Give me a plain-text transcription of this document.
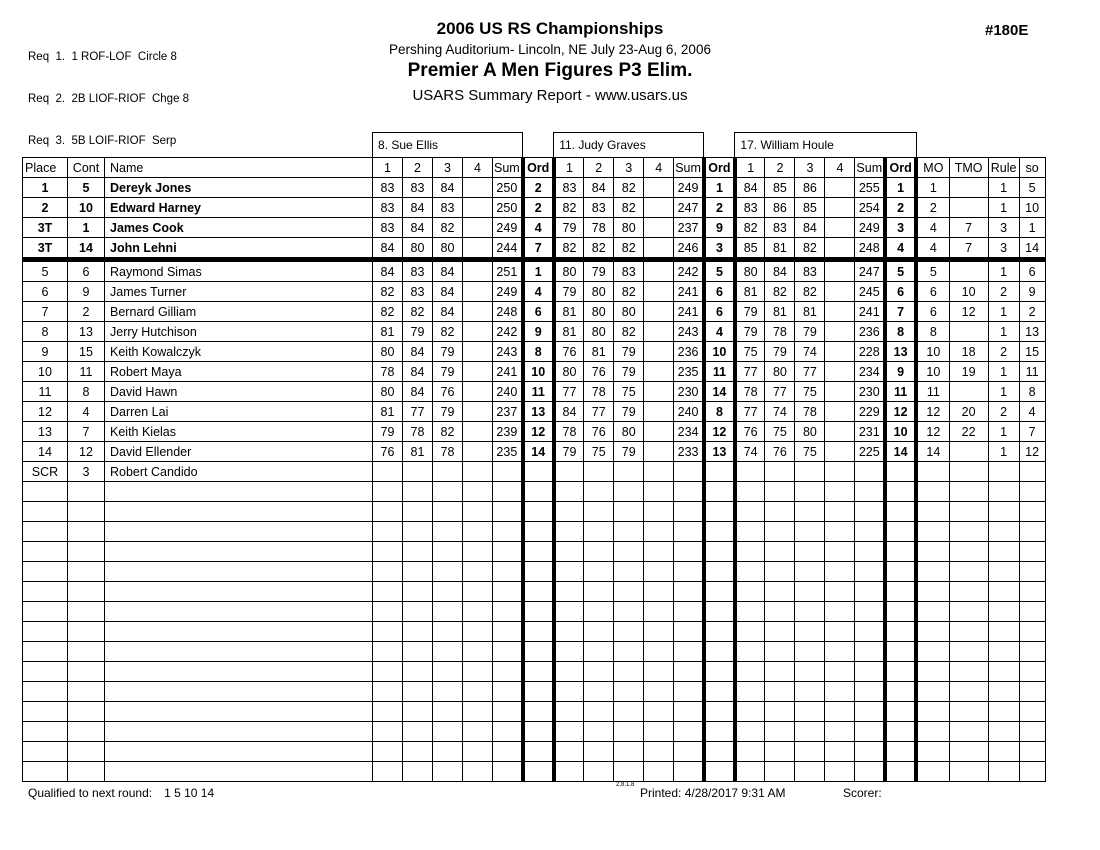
Req  1.  1 ROF-LOF  Circle 8

Req  2.  2B LIOF-RIOF  Chge 8

Req  3.  5B LOIF-RIOF  Serp

2006 US RS Championships
Pershing Auditorium- Lincoln, NE July 23-Aug 6, 2006
Premier A Men Figures P3 Elim.
USARS Summary Report - www.usars.us
#180E
			8. Sue Ellis						11. Judy Graves						17. William Houle									
Place	Cont	Name	1	2	3	4	Sum	Ord	1	2	3	4	Sum	Ord	1	2	3	4	Sum	Ord	MO	TMO	Rule	so
1	5	Dereyk Jones	83	83	84		250	2	83	84	82		249	1	84	85	86		255	1	1		1	5
2	10	Edward Harney	83	84	83		250	2	82	83	82		247	2	83	86	85		254	2	2		1	10
3T	1	James Cook	83	84	82		249	4	79	78	80		237	9	82	83	84		249	3	4	7	3	1
3T	14	John Lehni	84	80	80		244	7	82	82	82		246	3	85	81	82		248	4	4	7	3	14
5	6	Raymond Simas	84	83	84		251	1	80	79	83		242	5	80	84	83		247	5	5		1	6
6	9	James Turner	82	83	84		249	4	79	80	82		241	6	81	82	82		245	6	6	10	2	9
7	2	Bernard Gilliam	82	82	84		248	6	81	80	80		241	6	79	81	81		241	7	6	12	1	2
8	13	Jerry Hutchison	81	79	82		242	9	81	80	82		243	4	79	78	79		236	8	8		1	13
9	15	Keith Kowalczyk	80	84	79		243	8	76	81	79		236	10	75	79	74		228	13	10	18	2	15
10	11	Robert Maya	78	84	79		241	10	80	76	79		235	11	77	80	77		234	9	10	19	1	11
11	8	David Hawn	80	84	76		240	11	77	78	75		230	14	78	77	75		230	11	11		1	8
12	4	Darren Lai	81	77	79		237	13	84	77	79		240	8	77	74	78		229	12	12	20	2	4
13	7	Keith Kielas	79	78	82		239	12	78	76	80		234	12	76	75	80		231	10	12	22	1	7
14	12	David Ellender	76	81	78		235	14	79	75	79		233	13	74	76	75		225	14	14		1	12
SCR	3	Robert Candido																						

Qualified to next round: 1 5 10 14
2.8.1.8
Printed: 4/28/2017 9:31 AM	Scorer:
